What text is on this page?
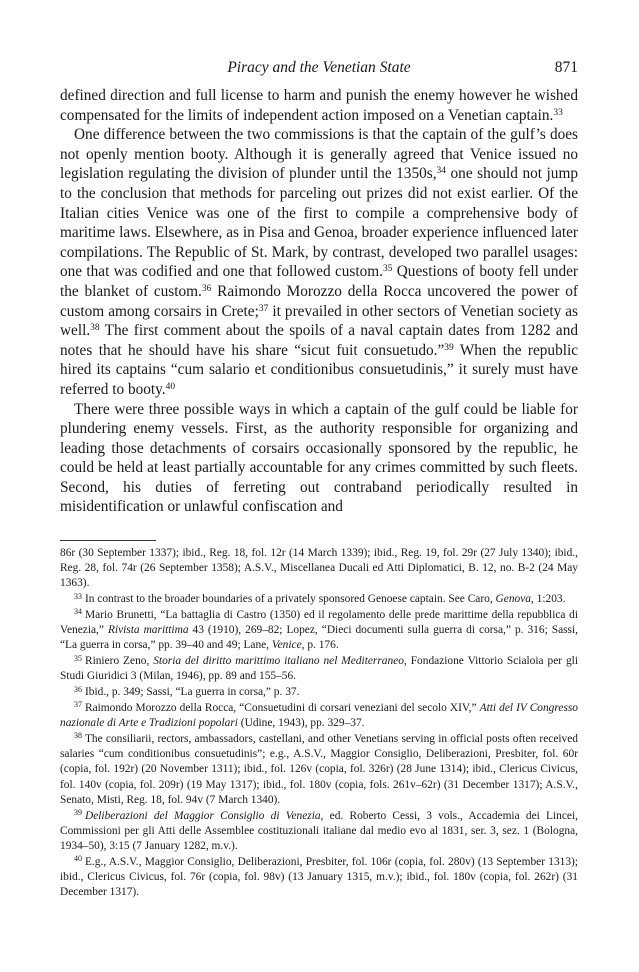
Piracy and the Venetian State	871

defined direction and full license to harm and punish the enemy however he wished compensated for the limits of independent action imposed on a Venetian captain.$^{33}$

One difference between the two commissions is that the captain of the gulf’s does not openly mention booty. Although it is generally agreed that Venice issued no legislation regulating the division of plunder until the 1350s,$^{34}$ one should not jump to the conclusion that methods for parceling out prizes did not exist earlier. Of the Italian cities Venice was one of the first to compile a comprehensive body of maritime laws. Elsewhere, as in Pisa and Genoa, broader experience influenced later compilations. The Republic of St. Mark, by contrast, developed two parallel usages: one that was codified and one that followed custom.$^{35}$ Questions of booty fell under the blanket of custom.$^{36}$ Raimondo Morozzo della Rocca uncovered the power of custom among corsairs in Crete;$^{37}$ it prevailed in other sectors of Venetian society as well.$^{38}$ The first comment about the spoils of a naval captain dates from 1282 and notes that he should have his share “sicut fuit consuetudo.”$^{39}$ When the republic hired its captains “cum salario et conditionibus consuetudinis,” it surely must have referred to booty.$^{40}$

There were three possible ways in which a captain of the gulf could be liable for plundering enemy vessels. First, as the authority responsible for organizing and leading those detachments of corsairs occasionally sponsored by the republic, he could be held at least partially accountable for any crimes committed by such fleets. Second, his duties of ferreting out contraband periodically resulted in misidentification or unlawful confiscation and

86r (30 September 1337); ibid., Reg. 18, fol. 12r (14 March 1339); ibid., Reg. 19, fol. 29r (27 July 1340); ibid., Reg. 28, fol. 74r (26 September 1358); A.S.V., Miscellanea Ducali ed Atti Diplomatici, B. 12, no. B-2 (24 May 1363).

$^{33}$ In contrast to the broader boundaries of a privately sponsored Genoese captain. See Caro, Genova, 1:203.

$^{34}$ Mario Brunetti, “La battaglia di Castro (1350) ed il regolamento delle prede marittime della repubblica di Venezia,” Rivista marittima 43 (1910), 269–82; Lopez, “Dieci documenti sulla guerra di corsa,” p. 316; Sassi, “La guerra in corsa,” pp. 39–40 and 49; Lane, Venice, p. 176.

$^{35}$ Riniero Zeno, Storia del diritto marittimo italiano nel Mediterraneo, Fondazione Vittorio Scialoia per gli Studi Giuridici 3 (Milan, 1946), pp. 89 and 155–56.

$^{36}$ Ibid., p. 349; Sassi, “La guerra in corsa,” p. 37.

$^{37}$ Raimondo Morozzo della Rocca, “Consuetudini di corsari veneziani del secolo XIV,” Atti del IV Congresso nazionale di Arte e Tradizioni popolari (Udine, 1943), pp. 329–37.

$^{38}$ The consiliarii, rectors, ambassadors, castellani, and other Venetians serving in official posts often received salaries “cum conditionibus consuetudinis”; e.g., A.S.V., Maggior Consiglio, Deliberazioni, Presbiter, fol. 60r (copia, fol. 192r) (20 November 1311); ibid., fol. 126v (copia, fol. 326r) (28 June 1314); ibid., Clericus Civicus, fol. 140v (copia, fol. 209r) (19 May 1317); ibid., fol. 180v (copia, fols. 261v–62r) (31 December 1317); A.S.V., Senato, Misti, Reg. 18, fol. 94v (7 March 1340).

$^{39}$ Deliberazioni del Maggior Consiglio di Venezia, ed. Roberto Cessi, 3 vols., Accademia dei Lincei, Commissioni per gli Atti delle Assemblee costituzionali italiane dal medio evo al 1831, ser. 3, sez. 1 (Bologna, 1934–50), 3:15 (7 January 1282, m.v.).

$^{40}$ E.g., A.S.V., Maggior Consiglio, Deliberazioni, Presbiter, fol. 106r (copia, fol. 280v) (13 September 1313); ibid., Clericus Civicus, fol. 76r (copia, fol. 98v) (13 January 1315, m.v.); ibid., fol. 180v (copia, fol. 262r) (31 December 1317).
